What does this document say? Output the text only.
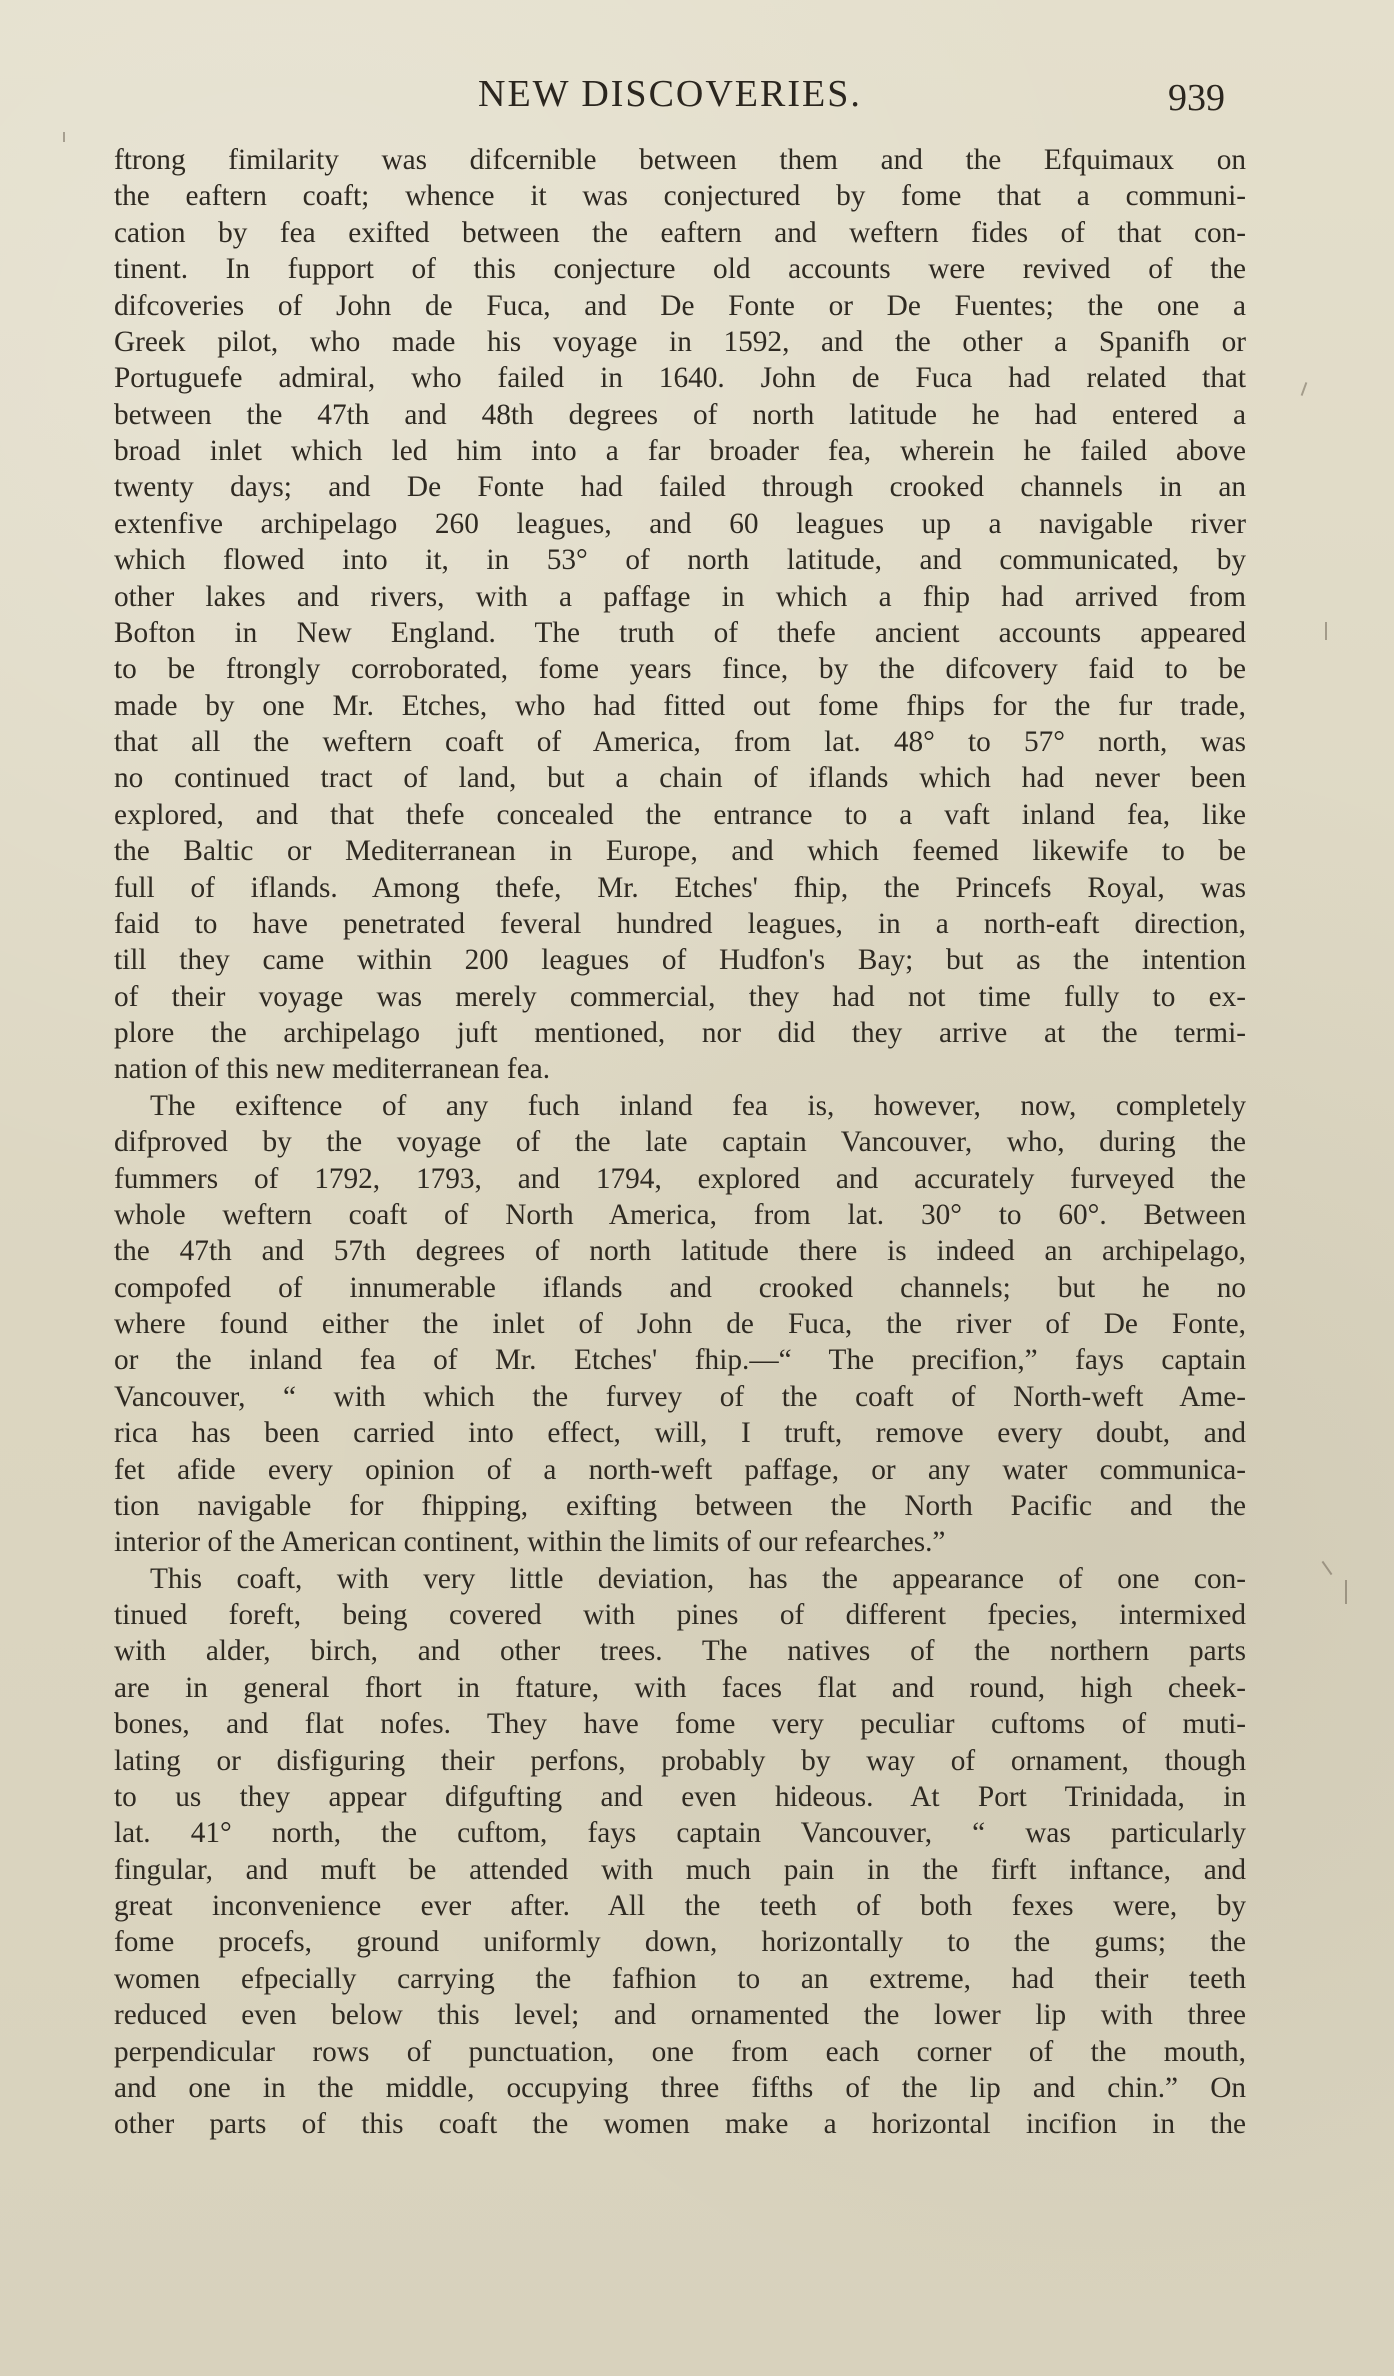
NEW DISCOVERIES.	939
ftrong fimilarity was difcernible between them and the Efquimaux on
the eaftern coaft; whence it was conjectured by fome that a communi-
cation by fea exifted between the eaftern and weftern fides of that con-
tinent. In fupport of this conjecture old accounts were revived of the
difcoveries of John de Fuca, and De Fonte or De Fuentes; the one a
Greek pilot, who made his voyage in 1592, and the other a Spanifh or
Portuguefe admiral, who failed in 1640. John de Fuca had related that
between the 47th and 48th degrees of north latitude he had entered a
broad inlet which led him into a far broader fea, wherein he failed above
twenty days; and De Fonte had failed through crooked channels in an
extenfive archipelago 260 leagues, and 60 leagues up a navigable river
which flowed into it, in 53° of north latitude, and communicated, by
other lakes and rivers, with a paffage in which a fhip had arrived from
Bofton in New England. The truth of thefe ancient accounts appeared
to be ftrongly corroborated, fome years fince, by the difcovery faid to be
made by one Mr. Etches, who had fitted out fome fhips for the fur trade,
that all the weftern coaft of America, from lat. 48° to 57° north, was
no continued tract of land, but a chain of iflands which had never been
explored, and that thefe concealed the entrance to a vaft inland fea, like
the Baltic or Mediterranean in Europe, and which feemed likewife to be
full of iflands. Among thefe, Mr. Etches' fhip, the Princefs Royal, was
faid to have penetrated feveral hundred leagues, in a north-eaft direction,
till they came within 200 leagues of Hudfon's Bay; but as the intention
of their voyage was merely commercial, they had not time fully to ex-
plore the archipelago juft mentioned, nor did they arrive at the termi-
nation of this new mediterranean fea.
The exiftence of any fuch inland fea is, however, now, completely
difproved by the voyage of the late captain Vancouver, who, during the
fummers of 1792, 1793, and 1794, explored and accurately furveyed the
whole weftern coaft of North America, from lat. 30° to 60°. Between
the 47th and 57th degrees of north latitude there is indeed an archipelago,
compofed of innumerable iflands and crooked channels; but he no
where found either the inlet of John de Fuca, the river of De Fonte,
or the inland fea of Mr. Etches' fhip.—“ The precifion,” fays captain
Vancouver, “ with which the furvey of the coaft of North-weft Ame-
rica has been carried into effect, will, I truft, remove every doubt, and
fet afide every opinion of a north-weft paffage, or any water communica-
tion navigable for fhipping, exifting between the North Pacific and the
interior of the American continent, within the limits of our refearches.”
This coaft, with very little deviation, has the appearance of one con-
tinued foreft, being covered with pines of different fpecies, intermixed
with alder, birch, and other trees. The natives of the northern parts
are in general fhort in ftature, with faces flat and round, high cheek-
bones, and flat nofes. They have fome very peculiar cuftoms of muti-
lating or disfiguring their perfons, probably by way of ornament, though
to us they appear difgufting and even hideous. At Port Trinidada, in
lat. 41° north, the cuftom, fays captain Vancouver, “ was particularly
fingular, and muft be attended with much pain in the firft inftance, and
great inconvenience ever after. All the teeth of both fexes were, by
fome procefs, ground uniformly down, horizontally to the gums; the
women efpecially carrying the fafhion to an extreme, had their teeth
reduced even below this level; and ornamented the lower lip with three
perpendicular rows of punctuation, one from each corner of the mouth,
and one in the middle, occupying three fifths of the lip and chin.” On
other parts of this coaft the women make a horizontal incifion in the
